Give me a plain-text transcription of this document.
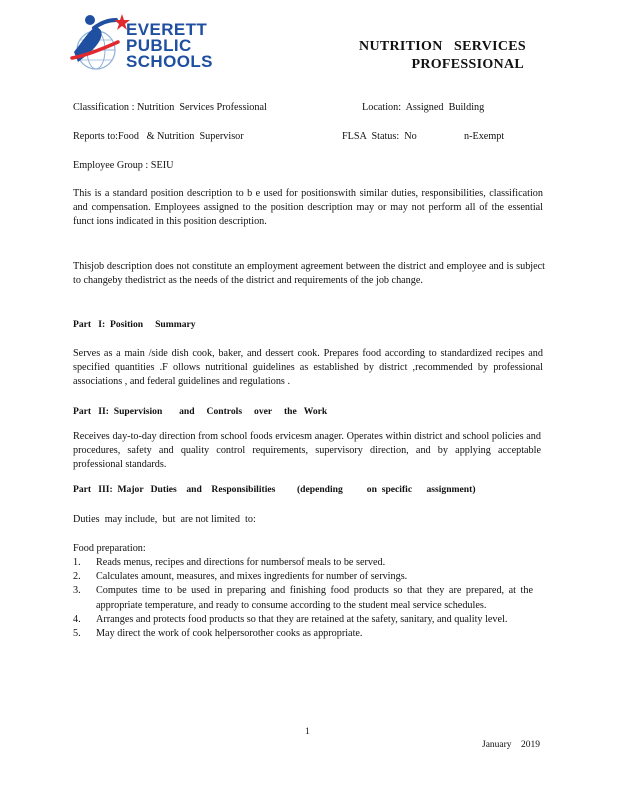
EVERETT
PUBLIC
SCHOOLS
NUTRITION   SERVICES
PROFESSIONAL
Classification : Nutrition  Services Professional	Location:  Assigned  Building
Reports to:Food   & Nutrition  Supervisor	FLSA  Status:  No	n-Exempt
Employee Group : SEIU
This is a standard position description to b e used for positionswith similar duties, responsibilities, classification and compensation. Employees assigned to the position description may or may not perform all of the essential funct ions indicated in this position description.
Thisjob description does not constitute an employment agreement between the district and employee and is subject to changeby thedistrict as the needs of the district and requirements of the job change.
Part   I:  Position     Summary
Serves as a main /side dish cook, baker, and dessert cook. Prepares food according to standardized recipes and specified quantities .F ollows nutritional guidelines as established by district ,recommended by professional associations , and federal guidelines and regulations .
Part   II:  Supervision       and     Controls     over     the   Work
Receives day-to-day direction from school foods ervicesm anager. Operates within district and school policies and procedures, safety and quality control requirements, supervisory direction, and by applying acceptable professional standards.
Part   III:  Major   Duties    and    Responsibilities         (depending          on  specific      assignment)
Duties  may include,  but  are not limited  to:
Food preparation:
1. Reads menus, recipes and directions for numbersof meals to be served.
2. Calculates amount, measures, and mixes ingredients for number of servings.
3. Computes time to be used in preparing and finishing food products so that they are prepared, at the appropriate temperature, and ready to consume according to the student meal service schedules.
4. Arranges and protects food products so that they are retained at the safety, sanitary, and quality level.
5. May direct the work of cook helpersorother cooks as appropriate.
1
January    2019
